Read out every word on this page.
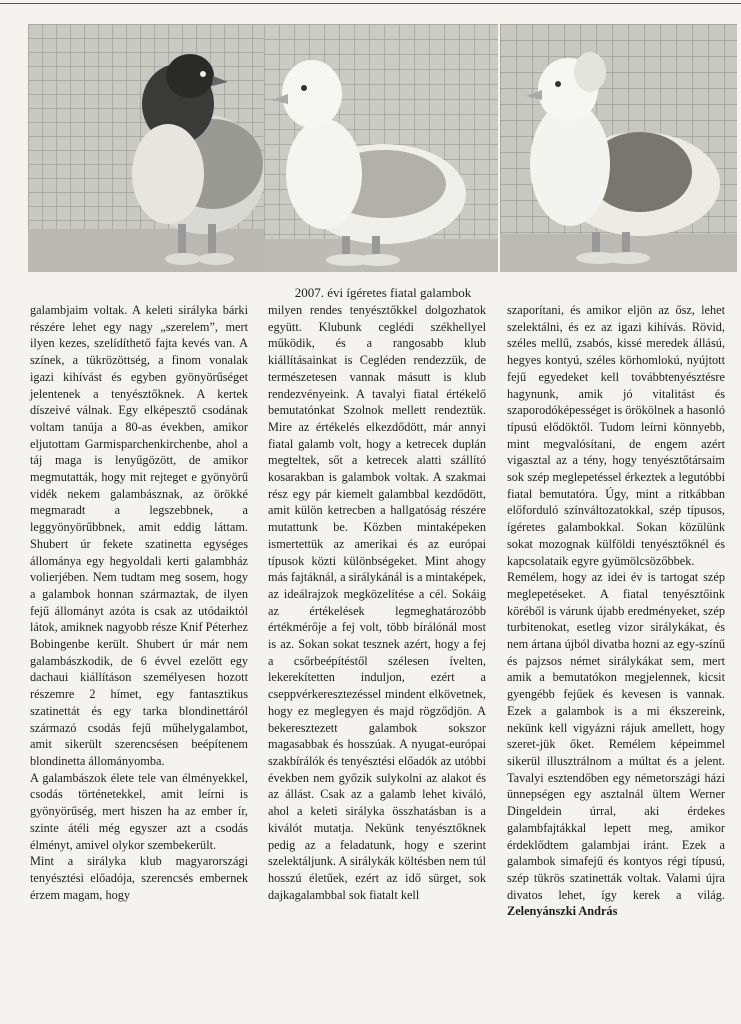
2007. évi ígéretes fiatal galambok

galambjaim voltak. A keleti sirályka bárki részére lehet egy nagy „szerelem”, mert ilyen kezes, szelídíthető fajta kevés van. A színek, a tükrözöttség, a finom vonalak igazi kihívást és egyben gyönyörűséget jelentenek a tenyésztőknek. A kertek díszeivé válnak. Egy elképesztő csodának voltam tanúja a 80-as években, amikor eljutottam Garmisparchenkirchenbe, ahol a táj maga is lenyűgözött, de amikor megmutatták, hogy mit rejteget e gyönyörű vidék nekem galambásznak, az örökké megmaradt a legszebbnek, a leggyönyörűbbnek, amit eddig láttam. Shubert úr fekete szatinetta egységes állománya egy hegyoldali kerti galambház volierjében. Nem tudtam meg sosem, hogy a galambok honnan származtak, de ilyen fejű állományt azóta is csak az utódaiktól látok, amiknek nagyobb része Knif Péterhez Bobingenbe került. Shubert úr már nem galambászkodik, de 6 évvel ezelőtt egy dachaui kiállításon személyesen hozott részemre 2 hímet, egy fantasztikus szatinettát és egy tarka blondinettáról származó csodás fejű műhelygalambot, amit sikerült szerencsésen beépítenem blondinetta állományomba.

A galambászok élete tele van élményekkel, csodás történetekkel, amit leírni is gyönyörűség, mert hiszen ha az ember ír, szinte átéli még egyszer azt a csodás élményt, amivel olykor szembekerült.

Mint a sirályka klub magyarországi tenyésztési előadója, szerencsés embernek érzem magam, hogy

milyen rendes tenyésztőkkel dolgozhatok együtt. Klubunk ceglédi székhellyel működik, és a rangosabb klub kiállításainkat is Cegléden rendezzük, de természetesen vannak másutt is klub rendezvényeink. A tavalyi fiatal értékelő bemutatónkat Szolnok mellett rendeztük. Mire az értékelés elkezdődött, már annyi fiatal galamb volt, hogy a ketrecek duplán megteltek, sőt a ketrecek alatti szállító kosarakban is galambok voltak. A szakmai rész egy pár kiemelt galambbal kezdődött, amit külön ketrecben a hallgatóság részére mutattunk be. Közben mintaképeken ismertettük az amerikai és az európai típusok közti különbségeket. Mint ahogy más fajtáknál, a sirálykánál is a mintaképek, az ideálrajzok megközelítése a cél. Sokáig az értékelések legmeghatározóbb értékmérője a fej volt, több bírálónál most is az. Sokan sokat tesznek azért, hogy a fej a csőrbeépítéstől szélesen ívelten, lekerekítetten induljon, ezért a cseppvérkeresztezéssel mindent elkövetnek, hogy ez meglegyen és majd rögződjön. A bekeresztezett galambok sokszor magasabbak és hosszúak. A nyugat-európai szakbírálók és tenyésztési előadók az utóbbi években nem győzik sulykolni az alakot és az állást. Csak az a galamb lehet kiváló, ahol a keleti sirályka összhatásban is a kiválót mutatja. Nekünk tenyésztőknek pedig az a feladatunk, hogy e szerint szelektáljunk. A sirálykák költésben nem túl hosszú életűek, ezért az idő sürget, sok dajkagalambbal sok fiatalt kell

szaporítani, és amikor eljön az ősz, lehet szelektálni, és ez az igazi kihívás. Rövid, széles mellű, zsabós, kissé meredek állású, hegyes kontyú, széles körhomlokú, nyújtott fejű egyedeket kell továbbtenyésztésre hagynunk, amik jó vitalitást és szaporodóképességet is örökölnek a hasonló típusú elődöktől. Tudom leírni könnyebb, mint megvalósítani, de engem azért vigasztal az a tény, hogy tenyésztőtársaim sok szép meglepetéssel érkeztek a legutóbbi fiatal bemutatóra. Úgy, mint a ritkábban előforduló színváltozatokkal, szép típusos, ígéretes galambokkal. Sokan közülünk sokat mozognak külföldi tenyésztőknél és kapcsolataik egyre gyümölcsözőbbek.

Remélem, hogy az idei év is tartogat szép meglepetéseket. A fiatal tenyésztőink köréből is várunk újabb eredményeket, szép turbitenokat, esetleg vizor sirálykákat, és nem ártana újból divatba hozni az egy-színű és pajzsos német sirálykákat sem, mert amik a bemutatókon megjelennek, kicsit gyengébb fejűek és kevesen is vannak. Ezek a galambok is a mi ékszereink, nekünk kell vigyázni rájuk amellett, hogy szeret-jük őket. Remélem képeimmel sikerül illusztrálnom a múltat és a jelent. Tavalyi esztendőben egy németországi házi ünnepségen egy asztalnál ültem Werner Dingeldein úrral, aki érdekes galambfajtákkal lepett meg, amikor érdeklődtem galambjai iránt. Ezek a galambok simafejű és kontyos régi típusú, szép tükrös szatinetták voltak. Valami újra divatos lehet, így kerek a világ. Zelenyánszki András
